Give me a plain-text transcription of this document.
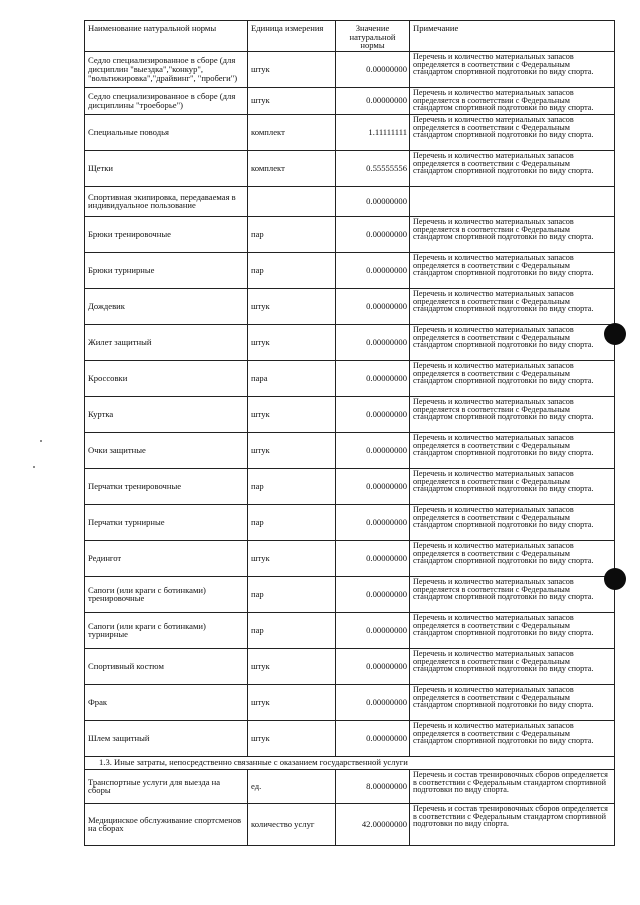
Наименование натуральной нормы	Единица измерения	Значение натуральной нормы	Примечание
Седло специализированное в сборе (для дисциплин "выездка","конкур", "вольтижировка","драйвинг", "пробеги")	штук	0.00000000	Перечень и количество материальных запасов определяется в соответствии с Федеральным стандартом спортивной подготовки по виду спорта.
Седло специализированное в сборе (для дисциплины "троеборье")	штук	0.00000000	Перечень и количество материальных запасов определяется в соответствии с Федеральным стандартом спортивной подготовки по виду спорта.
Специальные поводья	комплект	1.11111111	Перечень и количество материальных запасов определяется в соответствии с Федеральным стандартом спортивной подготовки по виду спорта.
Щетки	комплект	0.55555556	Перечень и количество материальных запасов определяется в соответствии с Федеральным стандартом спортивной подготовки по виду спорта.
Спортивная экипировка, передаваемая в индивидуальное пользование		0.00000000	
Брюки тренировочные	пар	0.00000000	Перечень и количество материальных запасов определяется в соответствии с Федеральным стандартом спортивной подготовки по виду спорта.
Брюки турнирные	пар	0.00000000	Перечень и количество материальных запасов определяется в соответствии с Федеральным стандартом спортивной подготовки по виду спорта.
Дождевик	штук	0.00000000	Перечень и количество материальных запасов определяется в соответствии с Федеральным стандартом спортивной подготовки по виду спорта.
Жилет защитный	штук	0.00000000	Перечень и количество материальных запасов определяется в соответствии с Федеральным стандартом спортивной подготовки по виду спорта.
Кроссовки	пара	0.00000000	Перечень и количество материальных запасов определяется в соответствии с Федеральным стандартом спортивной подготовки по виду спорта.
Куртка	штук	0.00000000	Перечень и количество материальных запасов определяется в соответствии с Федеральным стандартом спортивной подготовки по виду спорта.
Очки защитные	штук	0.00000000	Перечень и количество материальных запасов определяется в соответствии с Федеральным стандартом спортивной подготовки по виду спорта.
Перчатки тренировочные	пар	0.00000000	Перечень и количество материальных запасов определяется в соответствии с Федеральным стандартом спортивной подготовки по виду спорта.
Перчатки турнирные	пар	0.00000000	Перечень и количество материальных запасов определяется в соответствии с Федеральным стандартом спортивной подготовки по виду спорта.
Редингот	штук	0.00000000	Перечень и количество материальных запасов определяется в соответствии с Федеральным стандартом спортивной подготовки по виду спорта.
Сапоги (или краги с ботинками) тренировочные	пар	0.00000000	Перечень и количество материальных запасов определяется в соответствии с Федеральным стандартом спортивной подготовки по виду спорта.
Сапоги (или краги с ботинками) турнирные	пар	0.00000000	Перечень и количество материальных запасов определяется в соответствии с Федеральным стандартом спортивной подготовки по виду спорта.
Спортивный костюм	штук	0.00000000	Перечень и количество материальных запасов определяется в соответствии с Федеральным стандартом спортивной подготовки по виду спорта.
Фрак	штук	0.00000000	Перечень и количество материальных запасов определяется в соответствии с Федеральным стандартом спортивной подготовки по виду спорта.
Шлем защитный	штук	0.00000000	Перечень и количество материальных запасов определяется в соответствии с Федеральным стандартом спортивной подготовки по виду спорта.
1.3. Иные затраты, непосредственно связанные с оказанием государственной услуги			
Транспортные услуги для выезда на сборы	ед.	8.00000000	Перечень и состав тренировочных сборов определяется в соответствии с Федеральным стандартом спортивной подготовки по виду спорта.
Медицинское обслуживание спортсменов на сборах	количество услуг	42.00000000	Перечень и состав тренировочных сборов определяется в соответствии с Федеральным стандартом спортивной подготовки по виду спорта.
